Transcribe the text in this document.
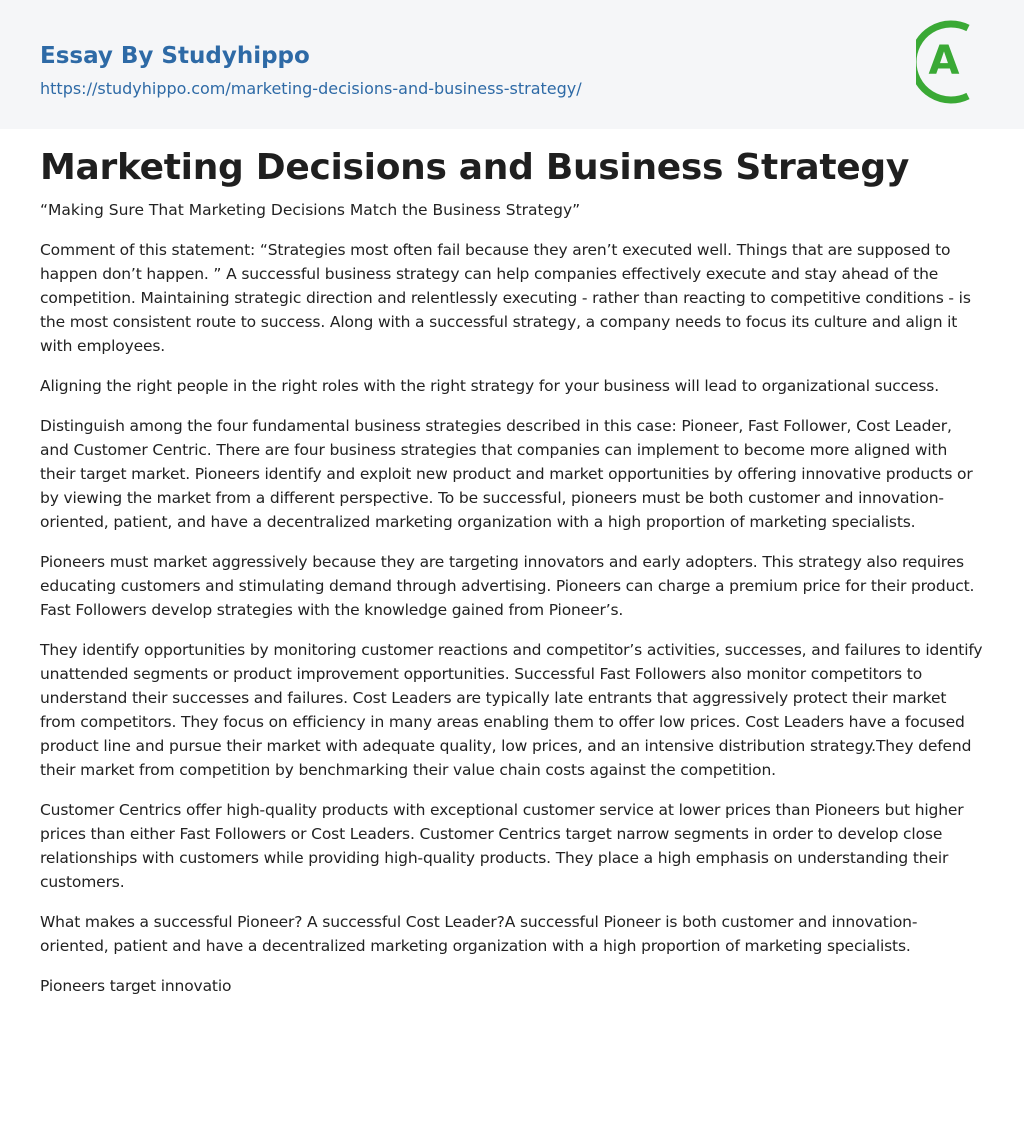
Essay By Studyhippo
https://studyhippo.com/marketing-decisions-and-business-strategy/
A
Marketing Decisions and Business Strategy

“Making Sure That Marketing Decisions Match the Business Strategy”

Comment of this statement: “Strategies most often fail because they aren’t executed well. Things that are supposed to happen don’t happen. ” A successful business strategy can help companies effectively execute and stay ahead of the competition. Maintaining strategic direction and relentlessly executing - rather than reacting to competitive conditions - is the most consistent route to success. Along with a successful strategy, a company needs to focus its culture and align it with employees.

Aligning the right people in the right roles with the right strategy for your business will lead to organizational success.

Distinguish among the four fundamental business strategies described in this case: Pioneer, Fast Follower, Cost Leader, and Customer Centric. There are four business strategies that companies can implement to become more aligned with their target market. Pioneers identify and exploit new product and market opportunities by offering innovative products or by viewing the market from a different perspective. To be successful, pioneers must be both customer and innovation-oriented, patient, and have a decentralized marketing organization with a high proportion of marketing specialists.

Pioneers must market aggressively because they are targeting innovators and early adopters. This strategy also requires educating customers and stimulating demand through advertising. Pioneers can charge a premium price for their product. Fast Followers develop strategies with the knowledge gained from Pioneer’s.

They identify opportunities by monitoring customer reactions and competitor’s activities, successes, and failures to identify unattended segments or product improvement opportunities. Successful Fast Followers also monitor competitors to understand their successes and failures. Cost Leaders are typically late entrants that aggressively protect their market from competitors. They focus on efficiency in many areas enabling them to offer low prices. Cost Leaders have a focused product line and pursue their market with adequate quality, low prices, and an intensive distribution strategy.They defend their market from competition by benchmarking their value chain costs against the competition.

Customer Centrics offer high-quality products with exceptional customer service at lower prices than Pioneers but higher prices than either Fast Followers or Cost Leaders. Customer Centrics target narrow segments in order to develop close relationships with customers while providing high-quality products. They place a high emphasis on understanding their customers.

What makes a successful Pioneer? A successful Cost Leader?A successful Pioneer is both customer and innovation-oriented, patient and have a decentralized marketing organization with a high proportion of marketing specialists.

Pioneers target innovatio
